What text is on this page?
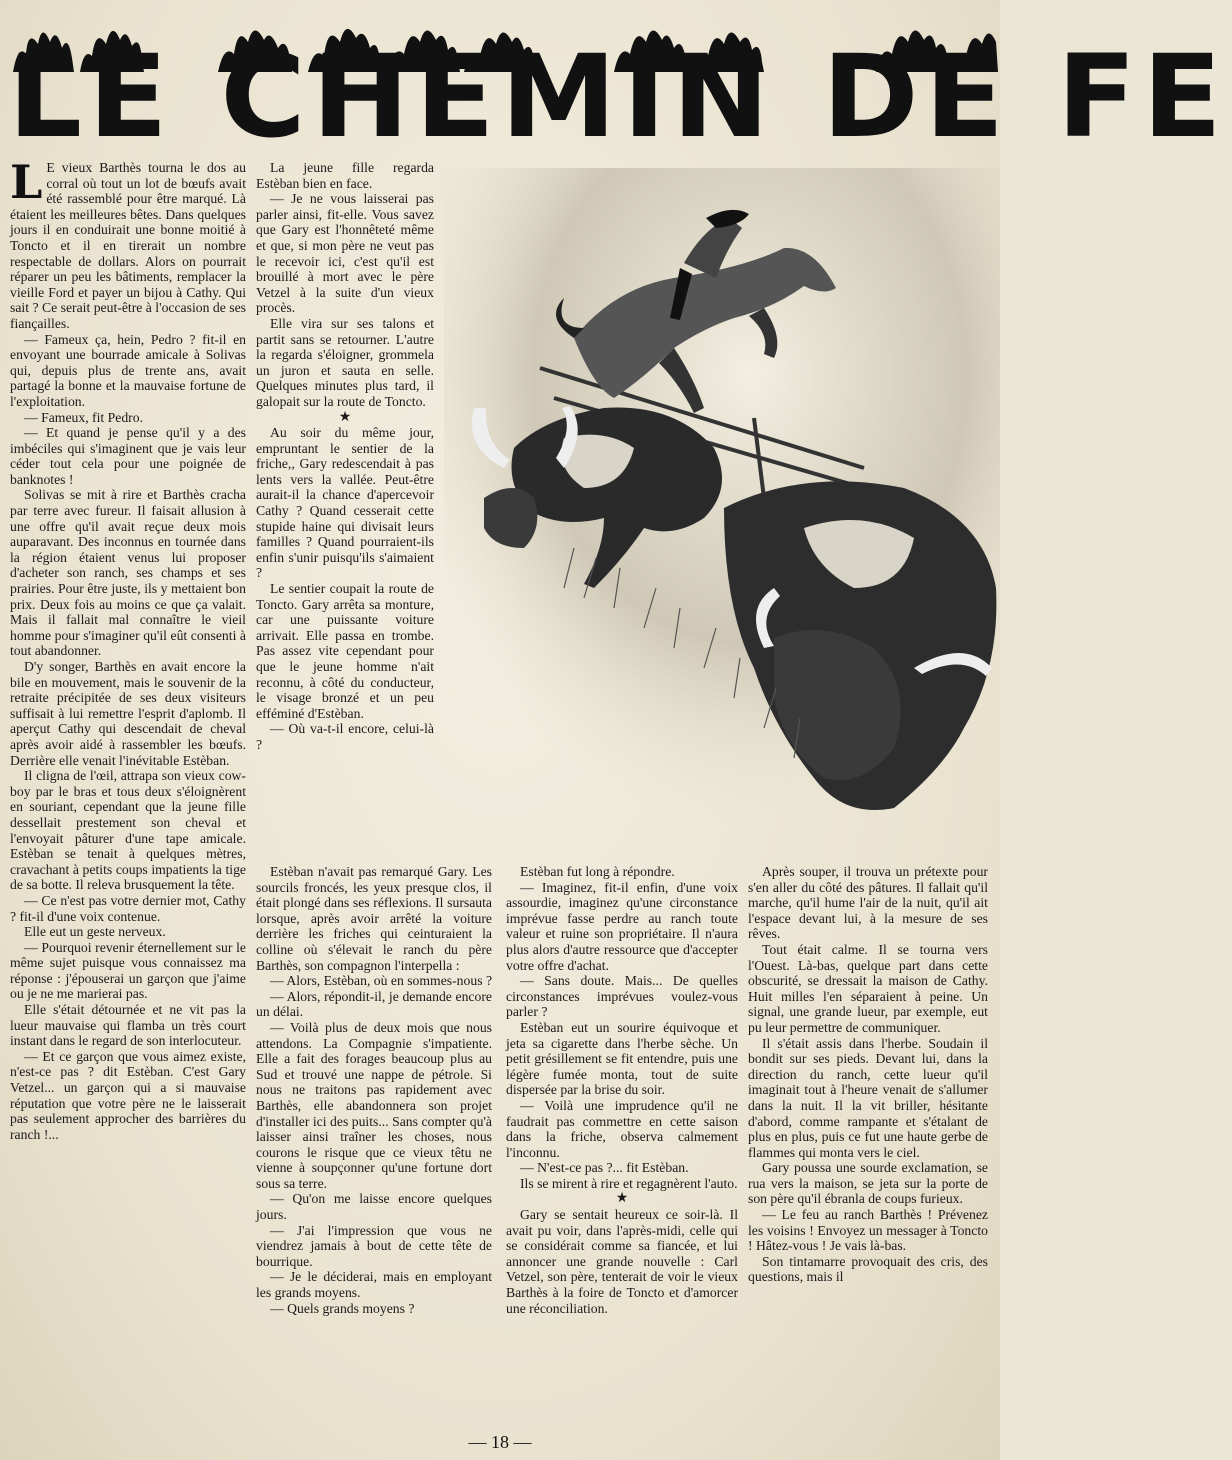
LE CHEMIN DE FE

L E vieux Barthès tourna le dos au corral où tout un lot de bœufs avait été rassemblé pour être marqué. Là étaient les meilleures bêtes. Dans quelques jours il en conduirait une bonne moitié à Toncto et il en tirerait un nombre respectable de dollars. Alors on pourrait réparer un peu les bâtiments, remplacer la vieille Ford et payer un bijou à Cathy. Qui sait ? Ce serait peut-être à l'occasion de ses fiançailles.

— Fameux ça, hein, Pedro ? fit-il en envoyant une bourrade amicale à Solivas qui, depuis plus de trente ans, avait partagé la bonne et la mauvaise fortune de l'exploitation.

— Fameux, fit Pedro.

— Et quand je pense qu'il y a des imbéciles qui s'imaginent que je vais leur céder tout cela pour une poignée de banknotes !

Solivas se mit à rire et Barthès cracha par terre avec fureur. Il faisait allusion à une offre qu'il avait reçue deux mois auparavant. Des inconnus en tournée dans la région étaient venus lui proposer d'acheter son ranch, ses champs et ses prairies. Pour être juste, ils y mettaient bon prix. Deux fois au moins ce que ça valait. Mais il fallait mal connaître le vieil homme pour s'imaginer qu'il eût consenti à tout abandonner.

D'y songer, Barthès en avait encore la bile en mouvement, mais le souvenir de la retraite précipitée de ses deux visiteurs suffisait à lui remettre l'esprit d'aplomb. Il aperçut Cathy qui descendait de cheval après avoir aidé à rassembler les bœufs. Derrière elle venait l'inévitable Estèban.

Il cligna de l'œil, attrapa son vieux cow-boy par le bras et tous deux s'éloignèrent en souriant, cependant que la jeune fille dessellait prestement son cheval et l'envoyait pâturer d'une tape amicale. Estèban se tenait à quelques mètres, cravachant à petits coups impatients la tige de sa botte. Il releva brusquement la tête.

— Ce n'est pas votre dernier mot, Cathy ? fit-il d'une voix contenue.

Elle eut un geste nerveux.

— Pourquoi revenir éternellement sur le même sujet puisque vous connaissez ma réponse : j'épouserai un garçon que j'aime ou je ne me marierai pas.

Elle s'était détournée et ne vit pas la lueur mauvaise qui flamba un très court instant dans le regard de son interlocuteur.

— Et ce garçon que vous aimez existe, n'est-ce pas ? dit Estèban. C'est Gary Vetzel... un garçon qui a si mauvaise réputation que votre père ne le laisserait pas seulement approcher des barrières du ranch !...

La jeune fille regarda Estèban bien en face.

— Je ne vous laisserai pas parler ainsi, fit-elle. Vous savez que Gary est l'honnêteté même et que, si mon père ne veut pas le recevoir ici, c'est qu'il est brouillé à mort avec le père Vetzel à la suite d'un vieux procès.

Elle vira sur ses talons et partit sans se retourner. L'autre la regarda s'éloigner, grommela un juron et sauta en selle. Quelques minutes plus tard, il galopait sur la route de Toncto.

★

Au soir du même jour, empruntant le sentier de la friche,, Gary redescendait à pas lents vers la vallée. Peut-être aurait-il la chance d'apercevoir Cathy ? Quand cesserait cette stupide haine qui divisait leurs familles ? Quand pourraient-ils enfin s'unir puisqu'ils s'aimaient ?

Le sentier coupait la route de Toncto. Gary arrêta sa monture, car une puissante voiture arrivait. Elle passa en trombe. Pas assez vite cependant pour que le jeune homme n'ait reconnu, à côté du conducteur, le visage bronzé et un peu efféminé d'Estèban.

— Où va-t-il encore, celui-là ?

Estèban n'avait pas remarqué Gary. Les sourcils froncés, les yeux presque clos, il était plongé dans ses réflexions. Il sursauta lorsque, après avoir arrêté la voiture derrière les friches qui ceinturaient la colline où s'élevait le ranch du père Barthès, son compagnon l'interpella :

— Alors, Estèban, où en sommes-nous ?

— Alors, répondit-il, je demande encore un délai.

— Voilà plus de deux mois que nous attendons. La Compagnie s'impatiente. Elle a fait des forages beaucoup plus au Sud et trouvé une nappe de pétrole. Si nous ne traitons pas rapidement avec Barthès, elle abandonnera son projet d'installer ici des puits... Sans compter qu'à laisser ainsi traîner les choses, nous courons le risque que ce vieux têtu ne vienne à soupçonner qu'une fortune dort sous sa terre.

— Qu'on me laisse encore quelques jours.

— J'ai l'impression que vous ne viendrez jamais à bout de cette tête de bourrique.

— Je le déciderai, mais en employant les grands moyens.

— Quels grands moyens ?

Estèban fut long à répondre.

— Imaginez, fit-il enfin, d'une voix assourdie, imaginez qu'une circonstance imprévue fasse perdre au ranch toute valeur et ruine son propriétaire. Il n'aura plus alors d'autre ressource que d'accepter votre offre d'achat.

— Sans doute. Mais... De quelles circonstances imprévues voulez-vous parler ?

Estèban eut un sourire équivoque et jeta sa cigarette dans l'herbe sèche. Un petit grésillement se fit entendre, puis une légère fumée monta, tout de suite dispersée par la brise du soir.

— Voilà une imprudence qu'il ne faudrait pas commettre en cette saison dans la friche, observa calmement l'inconnu.

— N'est-ce pas ?... fit Estèban.

Ils se mirent à rire et regagnèrent l'auto.

★

Gary se sentait heureux ce soir-là. Il avait pu voir, dans l'après-midi, celle qui se considérait comme sa fiancée, et lui annoncer une grande nouvelle : Carl Vetzel, son père, tenterait de voir le vieux Barthès à la foire de Toncto et d'amorcer une réconciliation.

Après souper, il trouva un prétexte pour s'en aller du côté des pâtures. Il fallait qu'il marche, qu'il hume l'air de la nuit, qu'il ait l'espace devant lui, à la mesure de ses rêves.

Tout était calme. Il se tourna vers l'Ouest. Là-bas, quelque part dans cette obscurité, se dressait la maison de Cathy. Huit milles l'en séparaient à peine. Un signal, une grande lueur, par exemple, eut pu leur permettre de communiquer.

Il s'était assis dans l'herbe. Soudain il bondit sur ses pieds. Devant lui, dans la direction du ranch, cette lueur qu'il imaginait tout à l'heure venait de s'allumer dans la nuit. Il la vit briller, hésitante d'abord, comme rampante et s'étalant de plus en plus, puis ce fut une haute gerbe de flammes qui monta vers le ciel.

Gary poussa une sourde exclamation, se rua vers la maison, se jeta sur la porte de son père qu'il ébranla de coups furieux.

— Le feu au ranch Barthès ! Prévenez les voisins ! Envoyez un messager à Toncto ! Hâtez-vous ! Je vais là-bas.

Son tintamarre provoquait des cris, des questions, mais il

— 18 —
